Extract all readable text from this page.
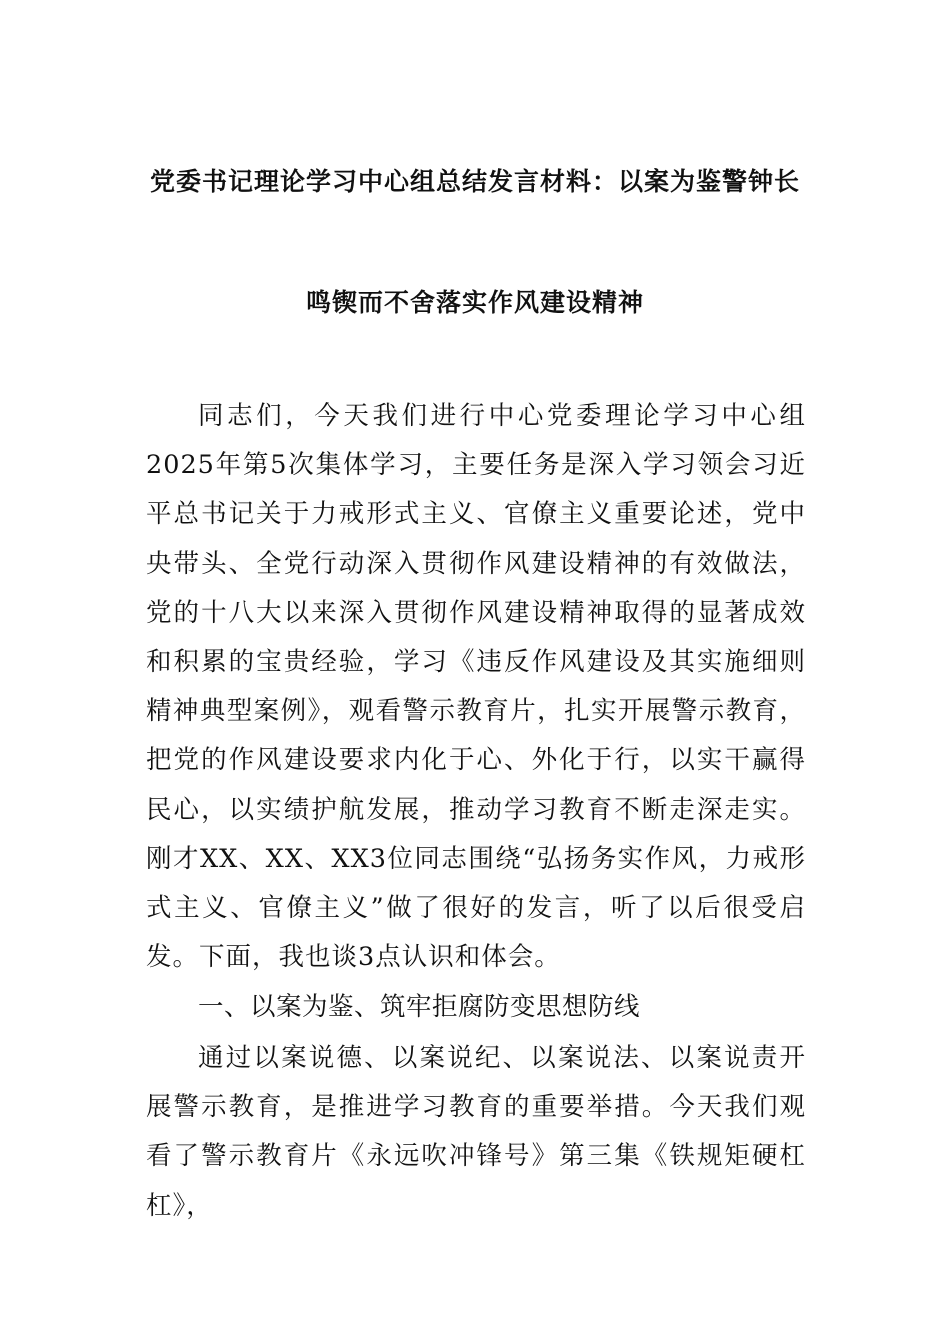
党委书记理论学习中心组总结发言材料：以案为鉴警钟长
鸣锲而不舍落实作风建设精神

同志们，今天我们进行中心党委理论学习中心组2025年第5次集体学习，主要任务是深入学习领会习近平总书记关于力戒形式主义、官僚主义重要论述，党中央带头、全党行动深入贯彻作风建设精神的有效做法，党的十八大以来深入贯彻作风建设精神取得的显著成效和积累的宝贵经验，学习《违反作风建设及其实施细则精神典型案例》，观看警示教育片，扎实开展警示教育，把党的作风建设要求内化于心、外化于行，以实干赢得民心，以实绩护航发展，推动学习教育不断走深走实。刚才XX、XX、XX3位同志围绕“弘扬务实作风，力戒形式主义、官僚主义”做了很好的发言，听了以后很受启发。下面，我也谈3点认识和体会。

一、以案为鉴、筑牢拒腐防变思想防线

通过以案说德、以案说纪、以案说法、以案说责开展警示教育，是推进学习教育的重要举措。今天我们观看了警示教育片《永远吹冲锋号》第三集《铁规矩硬杠杠》，
